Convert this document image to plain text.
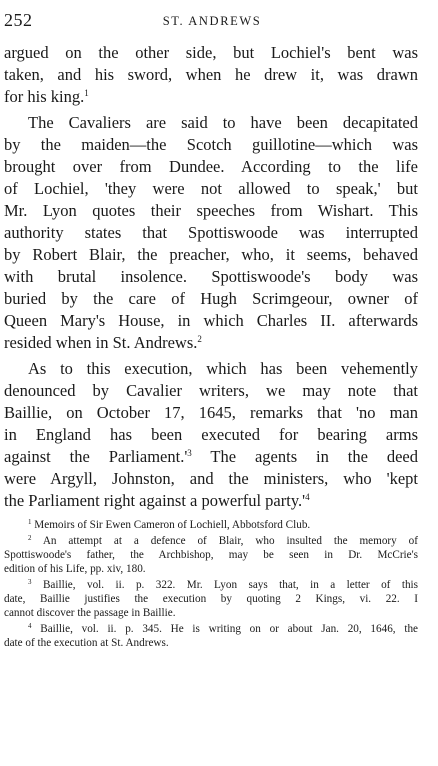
252	ST. ANDREWS
argued on the other side, but Lochiel's bent was
taken, and his sword, when he drew it, was drawn
for his king.$^1$
The Cavaliers are said to have been decapitated
by the maiden—the Scotch guillotine—which was
brought over from Dundee. According to the life
of Lochiel, 'they were not allowed to speak,' but
Mr. Lyon quotes their speeches from Wishart. This
authority states that Spottiswoode was interrupted
by Robert Blair, the preacher, who, it seems, behaved
with brutal insolence. Spottiswoode's body was
buried by the care of Hugh Scrimgeour, owner of
Queen Mary's House, in which Charles II. afterwards
resided when in St. Andrews.$^2$
As to this execution, which has been vehemently
denounced by Cavalier writers, we may note that
Baillie, on October 17, 1645, remarks that 'no man
in England has been executed for bearing arms
against the $Parliament.'^3$ The agents in the deed
were Argyll, Johnston, and the ministers, who 'kept
the Parliament right against a powerful $party.'^4$
$^1$ Memoirs of Sir Ewen Cameron of Lochiell, Abbotsford Club.
$^2$ An attempt at a defence of Blair, who insulted the memory of
Spottiswoode's father, the Archbishop, may be seen in Dr. McCrie's
edition of his Life, pp. xiv, 180.
$^3$ Baillie, vol. ii. p. 322. Mr. Lyon says that, in a letter of this
date, Baillie justifies the execution by quoting 2 Kings, vi. 22. I
cannot discover the passage in Baillie.
$^4$ Baillie, vol. ii. p. 345. He is writing on or about Jan. 20, 1646, the
date of the execution at St. Andrews.
